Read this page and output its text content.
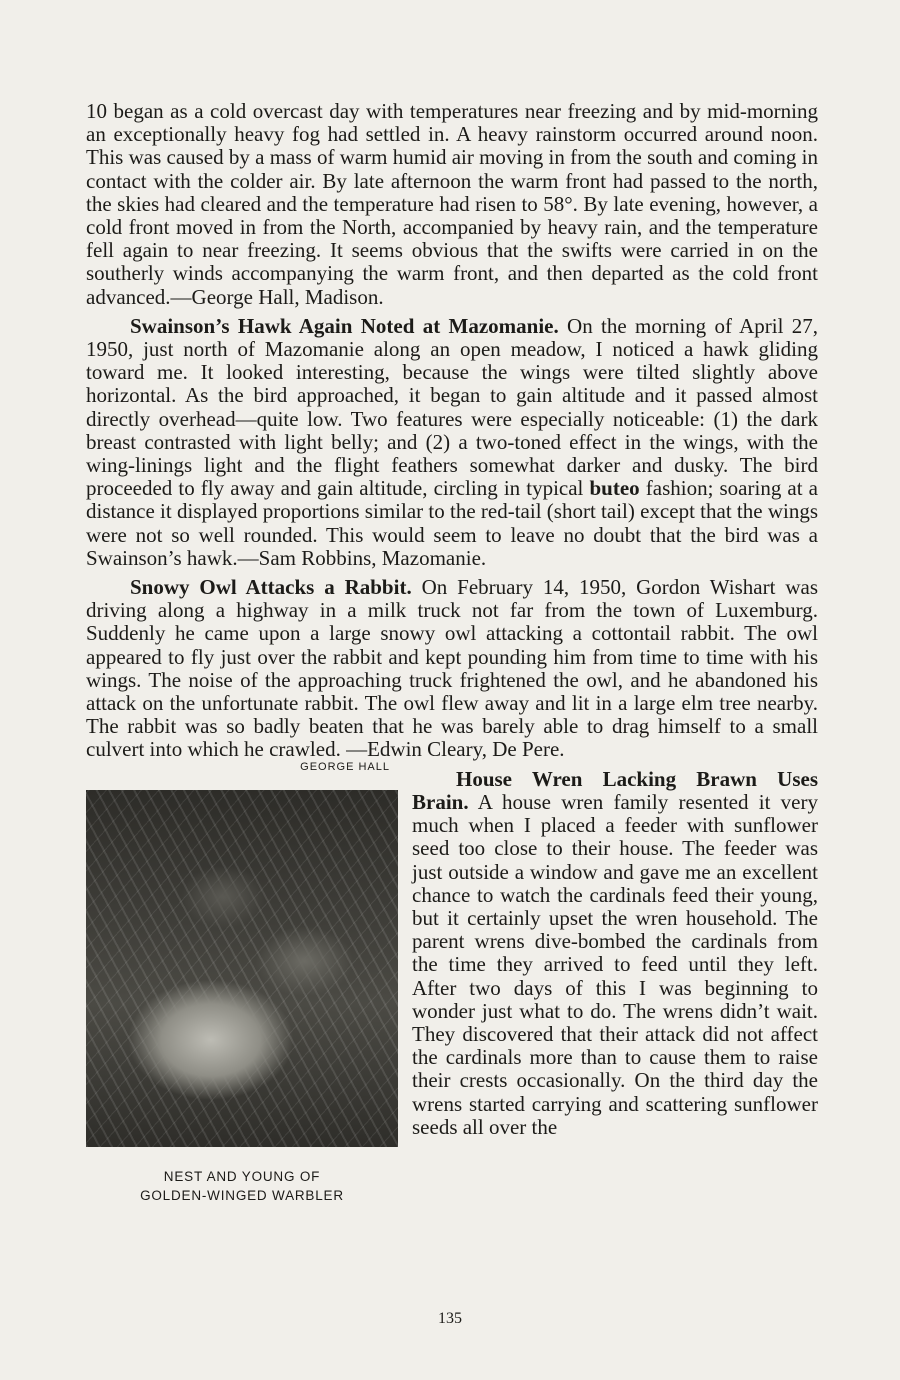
10 began as a cold overcast day with temperatures near freezing and by mid-morning an exceptionally heavy fog had settled in. A heavy rainstorm occurred around noon. This was caused by a mass of warm humid air moving in from the south and coming in contact with the colder air. By late afternoon the warm front had passed to the north, the skies had cleared and the temperature had risen to 58°. By late evening, however, a cold front moved in from the North, accompanied by heavy rain, and the temperature fell again to near freezing. It seems obvious that the swifts were carried in on the southerly winds accompanying the warm front, and then departed as the cold front advanced.—George Hall, Madison.

Swainson’s Hawk Again Noted at Mazomanie. On the morning of April 27, 1950, just north of Mazomanie along an open meadow, I noticed a hawk gliding toward me. It looked interesting, because the wings were tilted slightly above horizontal. As the bird approached, it began to gain altitude and it passed almost directly overhead—quite low. Two features were especially noticeable: (1) the dark breast contrasted with light belly; and (2) a two-toned effect in the wings, with the wing-linings light and the flight feathers somewhat darker and dusky. The bird proceeded to fly away and gain altitude, circling in typical buteo fashion; soaring at a distance it displayed proportions similar to the red-tail (short tail) except that the wings were not so well rounded. This would seem to leave no doubt that the bird was a Swainson’s hawk.—Sam Robbins, Mazomanie.

Snowy Owl Attacks a Rabbit. On February 14, 1950, Gordon Wishart was driving along a highway in a milk truck not far from the town of Luxemburg. Suddenly he came upon a large snowy owl attacking a cottontail rabbit. The owl appeared to fly just over the rabbit and kept pounding him from time to time with his wings. The noise of the approaching truck frightened the owl, and he abandoned his attack on the unfortunate rabbit. The owl flew away and lit in a large elm tree nearby. The rabbit was so badly beaten that he was barely able to drag himself to a small culvert into which he crawled. —Edwin Cleary, De Pere.

GEORGE HALL
NEST AND YOUNG OF
GOLDEN-WINGED WARBLER

House Wren Lacking Brawn Uses Brain. A house wren family resented it very much when I placed a feeder with sunflower seed too close to their house. The feeder was just outside a window and gave me an excellent chance to watch the cardinals feed their young, but it certainly upset the wren household. The parent wrens dive-bombed the cardinals from the time they arrived to feed until they left. After two days of this I was beginning to wonder just what to do. The wrens didn’t wait. They discovered that their attack did not affect the cardinals more than to cause them to raise their crests occasionally. On the third day the wrens started carrying and scattering sunflower seeds all over the

135
